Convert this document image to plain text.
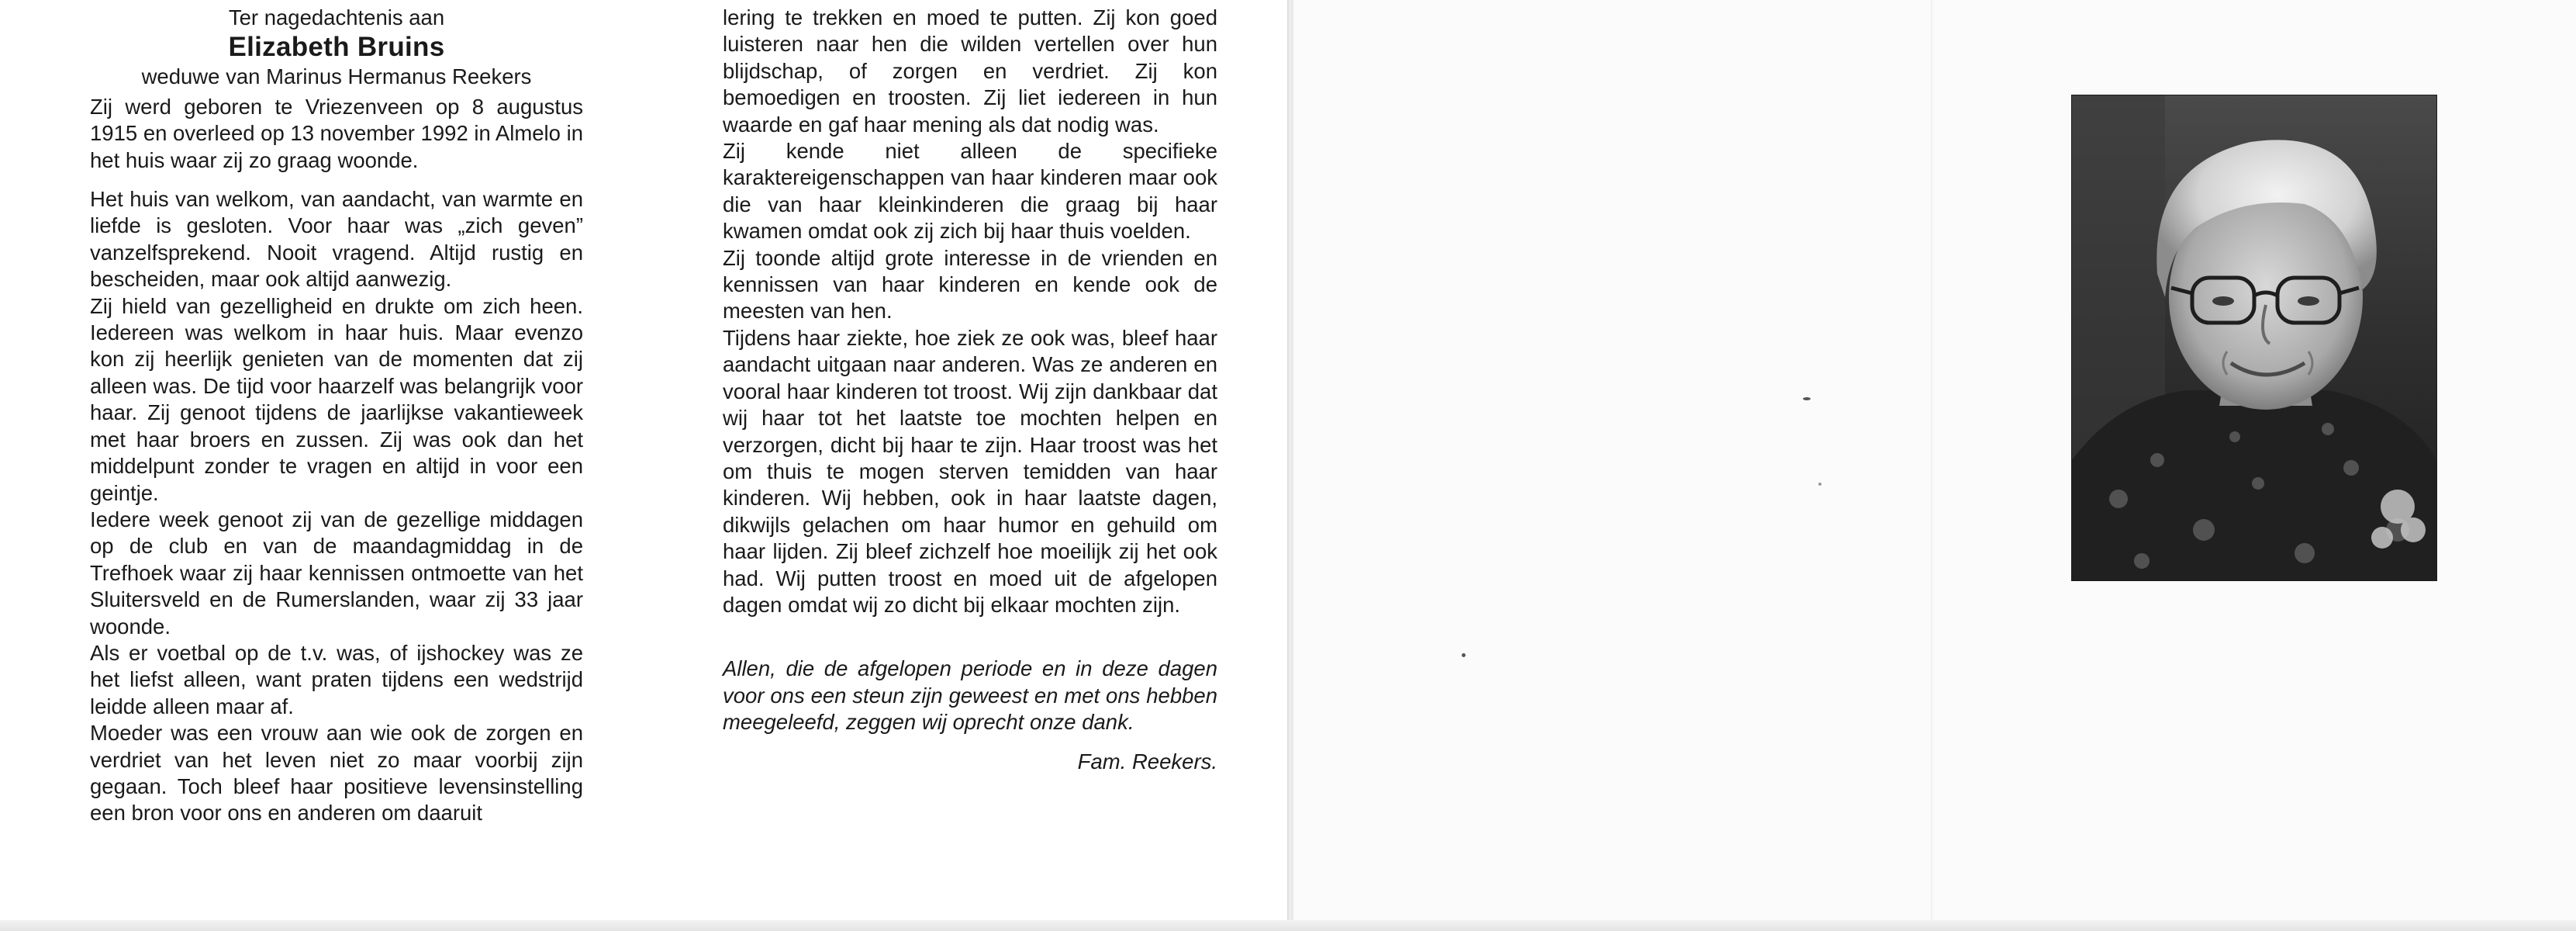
Ter nagedachtenis aan
Elizabeth Bruins
weduwe van Marinus Hermanus Reekers

Zij werd geboren te Vriezenveen op 8 augustus 1915 en overleed op 13 november 1992 in Almelo in het huis waar zij zo graag woonde.

Het huis van welkom, van aandacht, van warmte en liefde is gesloten. Voor haar was „zich geven” vanzelfsprekend. Nooit vragend. Altijd rustig en bescheiden, maar ook altijd aanwezig.

Zij hield van gezelligheid en drukte om zich heen. Iedereen was welkom in haar huis. Maar evenzo kon zij heerlijk genieten van de momenten dat zij alleen was. De tijd voor haarzelf was belangrijk voor haar. Zij genoot tijdens de jaarlijkse vakantieweek met haar broers en zussen. Zij was ook dan het middelpunt zonder te vragen en altijd in voor een geintje.

Iedere week genoot zij van de gezellige middagen op de club en van de maandagmiddag in de Trefhoek waar zij haar kennissen ontmoette van het Sluitersveld en de Rumerslanden, waar zij 33 jaar woonde.

Als er voetbal op de t.v. was, of ijshockey was ze het liefst alleen, want praten tijdens een wedstrijd leidde alleen maar af.

Moeder was een vrouw aan wie ook de zorgen en verdriet van het leven niet zo maar voorbij zijn gegaan. Toch bleef haar positieve levensinstelling een bron voor ons en anderen om daaruit

lering te trekken en moed te putten. Zij kon goed luisteren naar hen die wilden vertellen over hun blijdschap, of zorgen en verdriet. Zij kon bemoedigen en troosten. Zij liet iedereen in hun waarde en gaf haar mening als dat nodig was.

Zij kende niet alleen de specifieke karaktereigenschappen van haar kinderen maar ook die van haar kleinkinderen die graag bij haar kwamen omdat ook zij zich bij haar thuis voelden.

Zij toonde altijd grote interesse in de vrienden en kennissen van haar kinderen en kende ook de meesten van hen.

Tijdens haar ziekte, hoe ziek ze ook was, bleef haar aandacht uitgaan naar anderen. Was ze anderen en vooral haar kinderen tot troost. Wij zijn dankbaar dat wij haar tot het laatste toe mochten helpen en verzorgen, dicht bij haar te zijn. Haar troost was het om thuis te mogen sterven temidden van haar kinderen. Wij hebben, ook in haar laatste dagen, dikwijls gelachen om haar humor en gehuild om haar lijden. Zij bleef zichzelf hoe moeilijk zij het ook had. Wij putten troost en moed uit de afgelopen dagen omdat wij zo dicht bij elkaar mochten zijn.

Allen, die de afgelopen periode en in deze dagen voor ons een steun zijn geweest en met ons hebben meegeleefd, zeggen wij oprecht onze dank.

Fam. Reekers.
